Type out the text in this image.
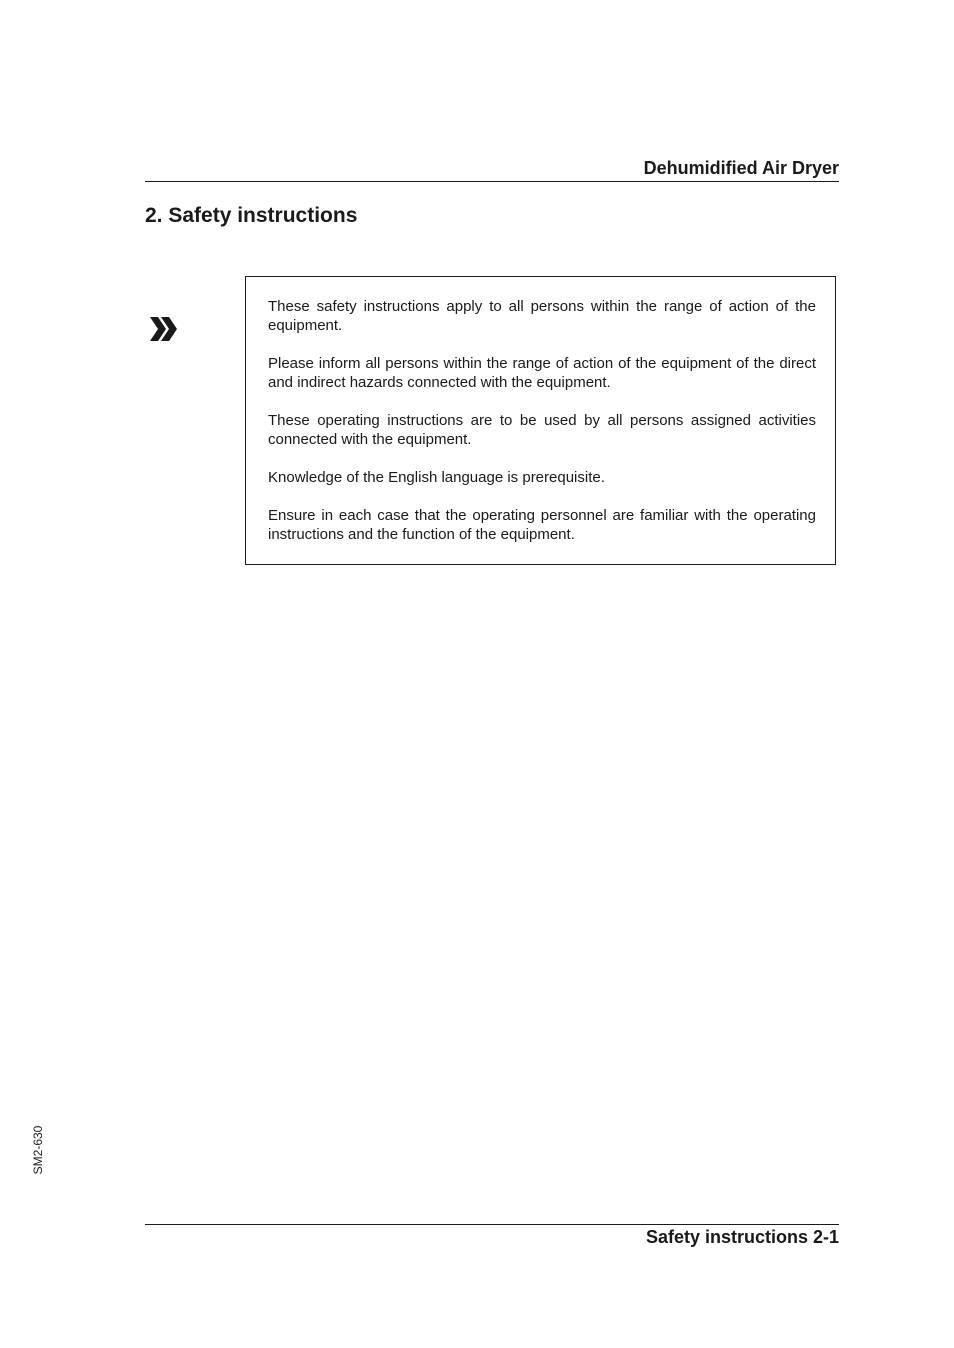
Dehumidified Air Dryer
2. Safety instructions

These safety instructions apply to all persons within the range of action of the equipment.

Please inform all persons within the range of action of the equipment of the direct and indirect hazards connected with the equipment.

These operating instructions are to be used by all persons assigned activities connected with the equipment.

Knowledge of the English language is prerequisite.

Ensure in each case that the operating personnel are familiar with the operating instructions and the function of the equipment.

SM2-630
Safety instructions 2-1
